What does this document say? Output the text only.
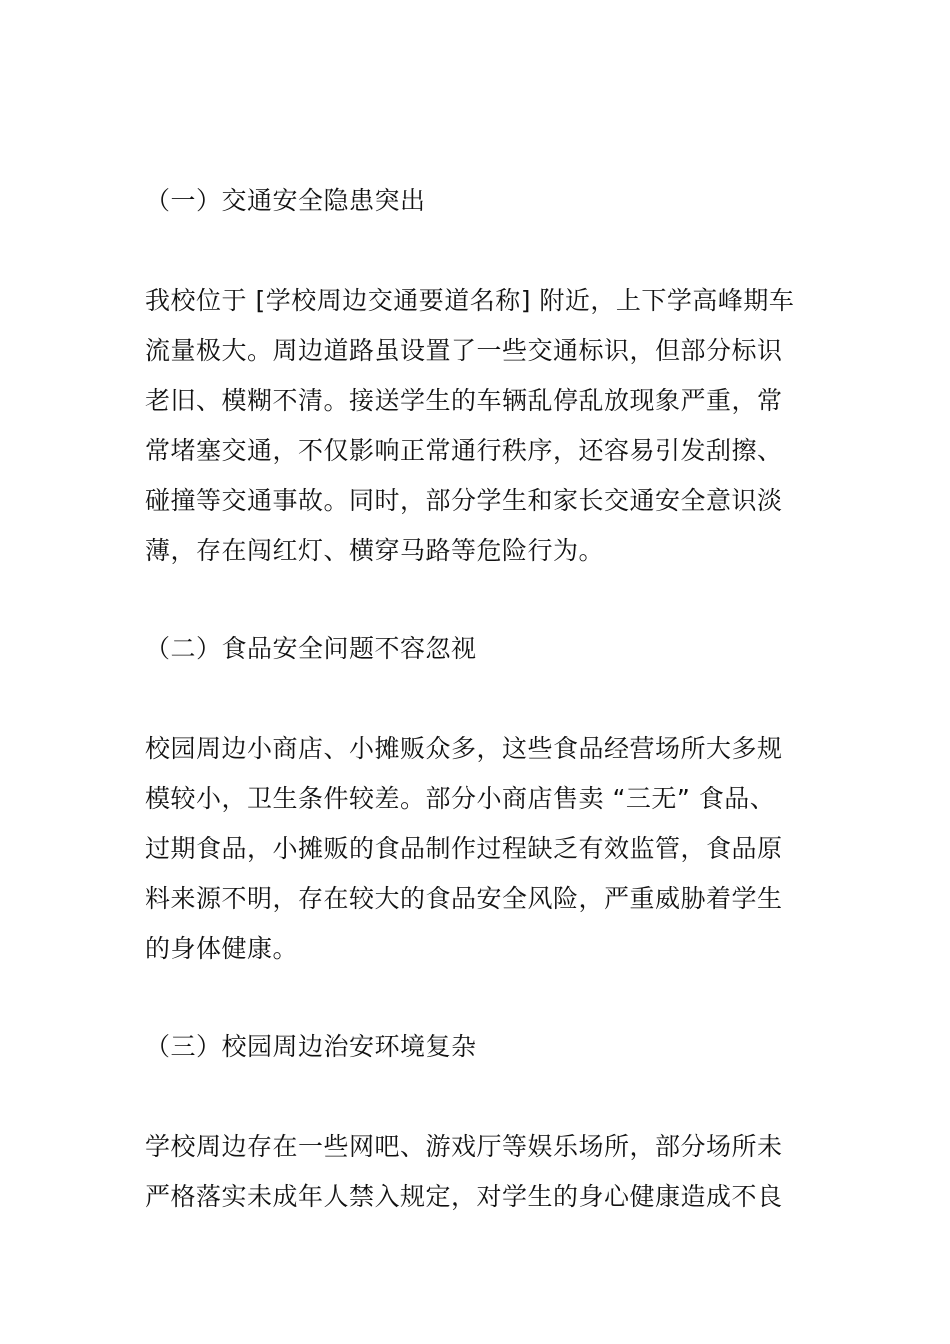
（一）交通安全隐患突出
我校位于 [学校周边交通要道名称] 附近，上下学高峰期车
流量极大。周边道路虽设置了一些交通标识，但部分标识
老旧、模糊不清。接送学生的车辆乱停乱放现象严重，常
常堵塞交通，不仅影响正常通行秩序，还容易引发刮擦、
碰撞等交通事故。同时，部分学生和家长交通安全意识淡
薄，存在闯红灯、横穿马路等危险行为。
（二）食品安全问题不容忽视
校园周边小商店、小摊贩众多，这些食品经营场所大多规
模较小，卫生条件较差。部分小商店售卖 “三无” 食品、
过期食品，小摊贩的食品制作过程缺乏有效监管，食品原
料来源不明，存在较大的食品安全风险，严重威胁着学生
的身体健康。
（三）校园周边治安环境复杂
学校周边存在一些网吧、游戏厅等娱乐场所，部分场所未
严格落实未成年人禁入规定，对学生的身心健康造成不良
